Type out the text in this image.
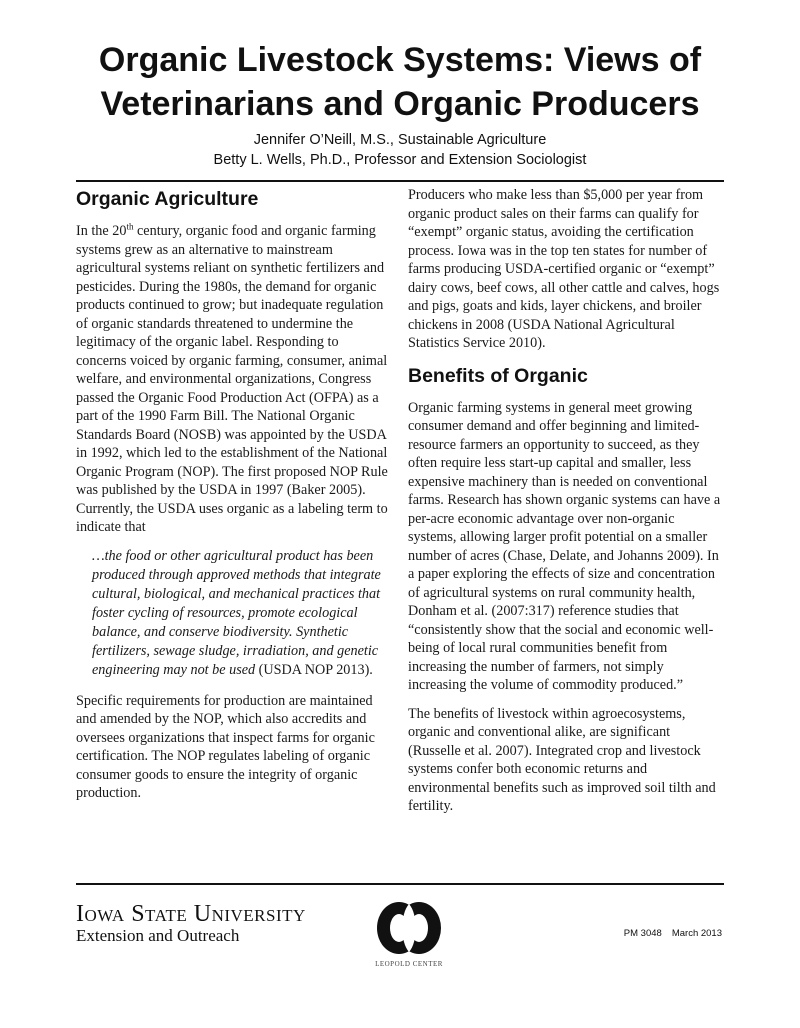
Organic Livestock Systems: Views of
Veterinarians and Organic Producers
Jennifer O’Neill, M.S., Sustainable Agriculture
Betty L. Wells, Ph.D., Professor and Extension Sociologist
Organic Agriculture

In the 20th century, organic food and organic farming systems grew as an alternative to mainstream agricultural systems reliant on synthetic fertilizers and pesticides. During the 1980s, the demand for organic products continued to grow; but inadequate regulation of organic standards threatened to undermine the legitimacy of the organic label. Responding to concerns voiced by organic farming, consumer, animal welfare, and environmental organizations, Congress passed the Organic Food Production Act (OFPA) as a part of the 1990 Farm Bill. The National Organic Standards Board (NOSB) was appointed by the USDA in 1992, which led to the establishment of the National Organic Program (NOP). The first proposed NOP Rule was published by the USDA in 1997 (Baker 2005). Currently, the USDA uses organic as a labeling term to indicate that

…the food or other agricultural product has been produced through approved methods that integrate cultural, biological, and mechanical practices that foster cycling of resources, promote ecological balance, and conserve biodiversity. Synthetic fertilizers, sewage sludge, irradiation, and genetic engineering may not be used (USDA NOP 2013).

Specific requirements for production are maintained and amended by the NOP, which also accredits and oversees organizations that inspect farms for organic certification. The NOP regulates labeling of organic consumer goods to ensure the integrity of organic production.

Producers who make less than $5,000 per year from organic product sales on their farms can qualify for “exempt” organic status, avoiding the certification process. Iowa was in the top ten states for number of farms producing USDA-certified organic or “exempt” dairy cows, beef cows, all other cattle and calves, hogs and pigs, goats and kids, layer chickens, and broiler chickens in 2008 (USDA National Agricultural Statistics Service 2010).

Benefits of Organic

Organic farming systems in general meet growing consumer demand and offer beginning and limited-resource farmers an opportunity to succeed, as they often require less start-up capital and smaller, less expensive machinery than is needed on conventional farms. Research has shown organic systems can have a per-acre economic advantage over non-organic systems, allowing larger profit potential on a smaller number of acres (Chase, Delate, and Johanns 2009). In a paper exploring the effects of size and concentration of agricultural systems on rural community health, Donham et al. (2007:317) reference studies that “consistently show that the social and economic well-being of local rural communities benefit from increasing the number of farmers, not simply increasing the volume of commodity produced.”

The benefits of livestock within agroecosystems, organic and conventional alike, are significant (Russelle et al. 2007). Integrated crop and livestock systems confer both economic returns and environmental benefits such as improved soil tilth and fertility.

Iowa State University
Extension and Outreach
LEOPOLD CENTER
PM 3048 March 2013
